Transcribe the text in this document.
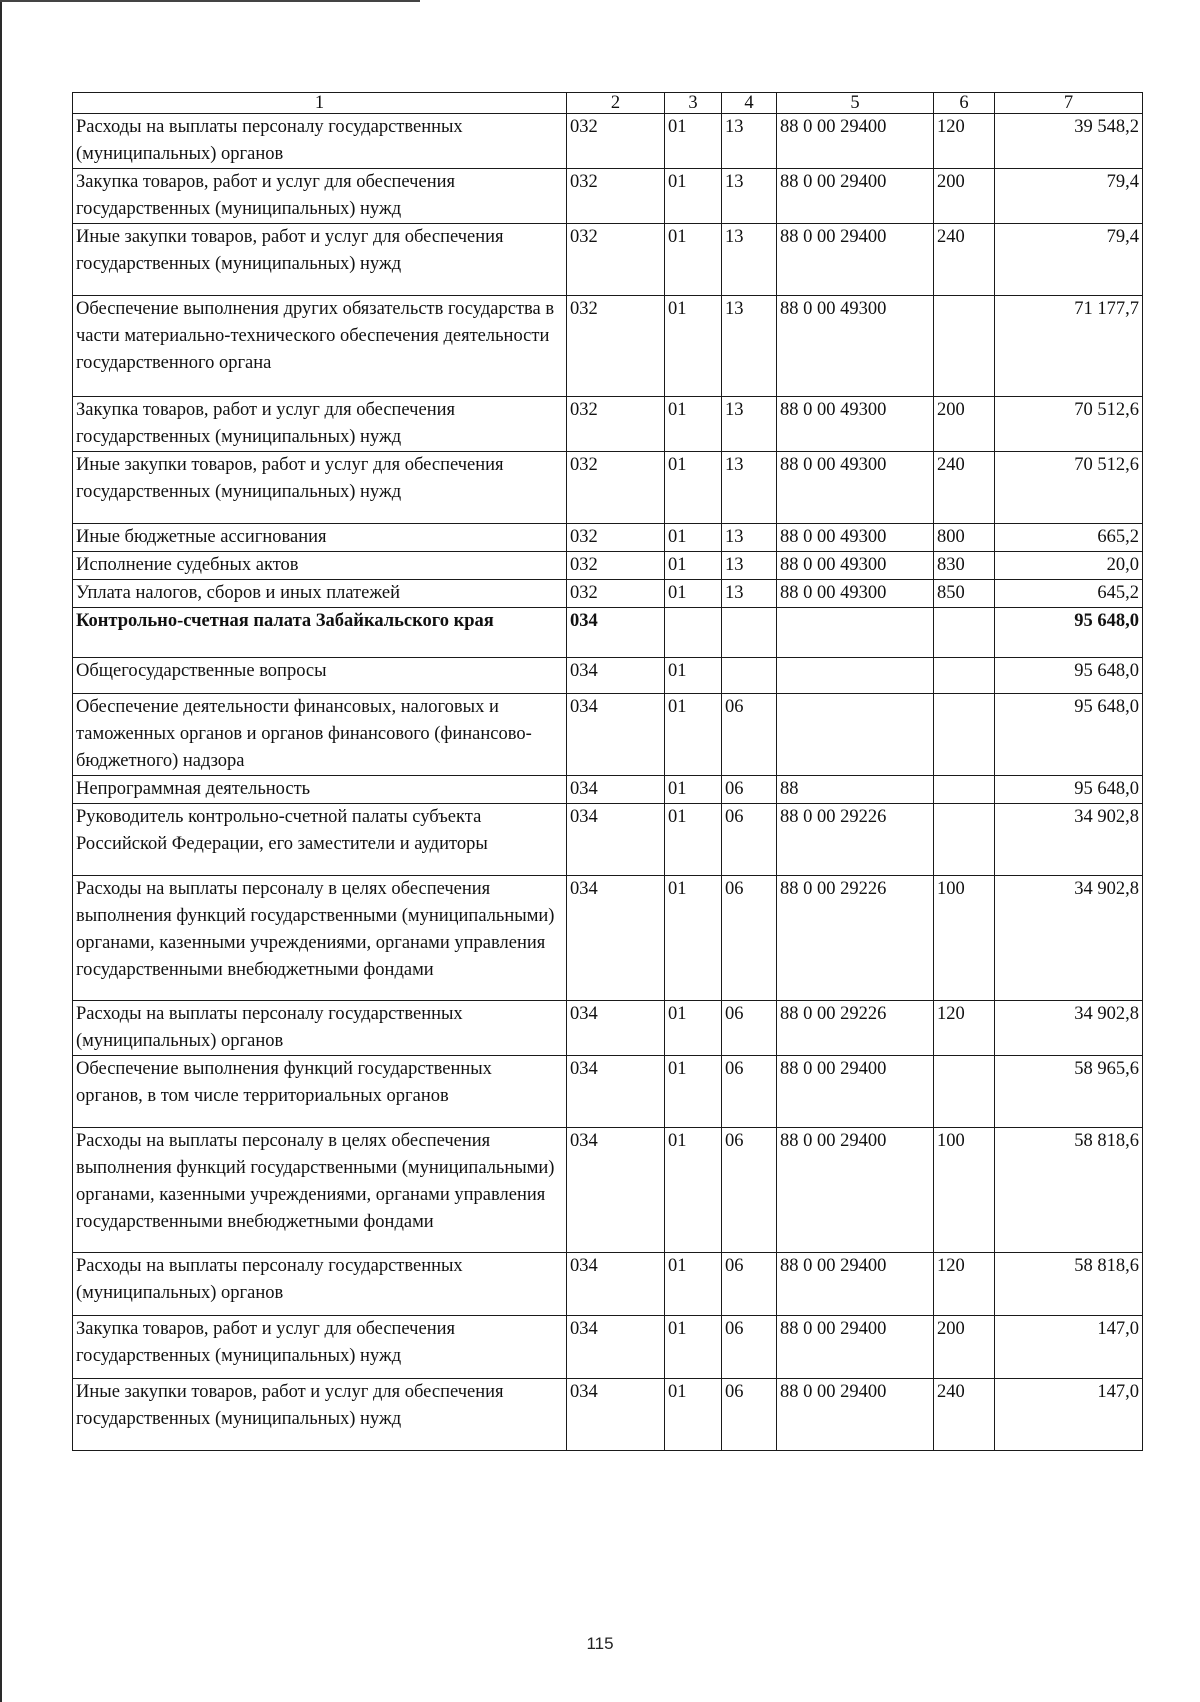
1	2	3	4	5	6	7
Расходы на выплаты персоналу государственных (муниципальных) органов	032	01	13	88 0 00 29400	120	39 548,2
Закупка товаров, работ и услуг для обеспечения государственных (муниципальных) нужд	032	01	13	88 0 00 29400	200	79,4
Иные закупки товаров, работ и услуг для обеспечения государственных (муниципальных) нужд	032	01	13	88 0 00 29400	240	79,4
Обеспечение выполнения других обязательств государства в части материально-технического обеспечения деятельности государственного органа	032	01	13	88 0 00 49300		71 177,7
Закупка товаров, работ и услуг для обеспечения государственных (муниципальных) нужд	032	01	13	88 0 00 49300	200	70 512,6
Иные закупки товаров, работ и услуг для обеспечения государственных (муниципальных) нужд	032	01	13	88 0 00 49300	240	70 512,6
Иные бюджетные ассигнования	032	01	13	88 0 00 49300	800	665,2
Исполнение судебных актов	032	01	13	88 0 00 49300	830	20,0
Уплата налогов, сборов и иных платежей	032	01	13	88 0 00 49300	850	645,2
Контрольно-счетная палата Забайкальского края	034					95 648,0
Общегосударственные вопросы	034	01				95 648,0
Обеспечение деятельности финансовых, налоговых и таможенных органов и органов финансового (финансово-бюджетного) надзора	034	01	06			95 648,0
Непрограммная деятельность	034	01	06	88		95 648,0
Руководитель контрольно-счетной палаты субъекта Российской Федерации, его заместители и аудиторы	034	01	06	88 0 00 29226		34 902,8
Расходы на выплаты персоналу в целях обеспечения выполнения функций государственными (муниципальными) органами, казенными учреждениями, органами управления государственными внебюджетными фондами	034	01	06	88 0 00 29226	100	34 902,8
Расходы на выплаты персоналу государственных (муниципальных) органов	034	01	06	88 0 00 29226	120	34 902,8
Обеспечение выполнения функций государственных органов, в том числе территориальных органов	034	01	06	88 0 00 29400		58 965,6
Расходы на выплаты персоналу в целях обеспечения выполнения функций государственными (муниципальными) органами, казенными учреждениями, органами управления государственными внебюджетными фондами	034	01	06	88 0 00 29400	100	58 818,6
Расходы на выплаты персоналу государственных (муниципальных) органов	034	01	06	88 0 00 29400	120	58 818,6
Закупка товаров, работ и услуг для обеспечения государственных (муниципальных) нужд	034	01	06	88 0 00 29400	200	147,0
Иные закупки товаров, работ и услуг для обеспечения государственных (муниципальных) нужд	034	01	06	88 0 00 29400	240	147,0
115
